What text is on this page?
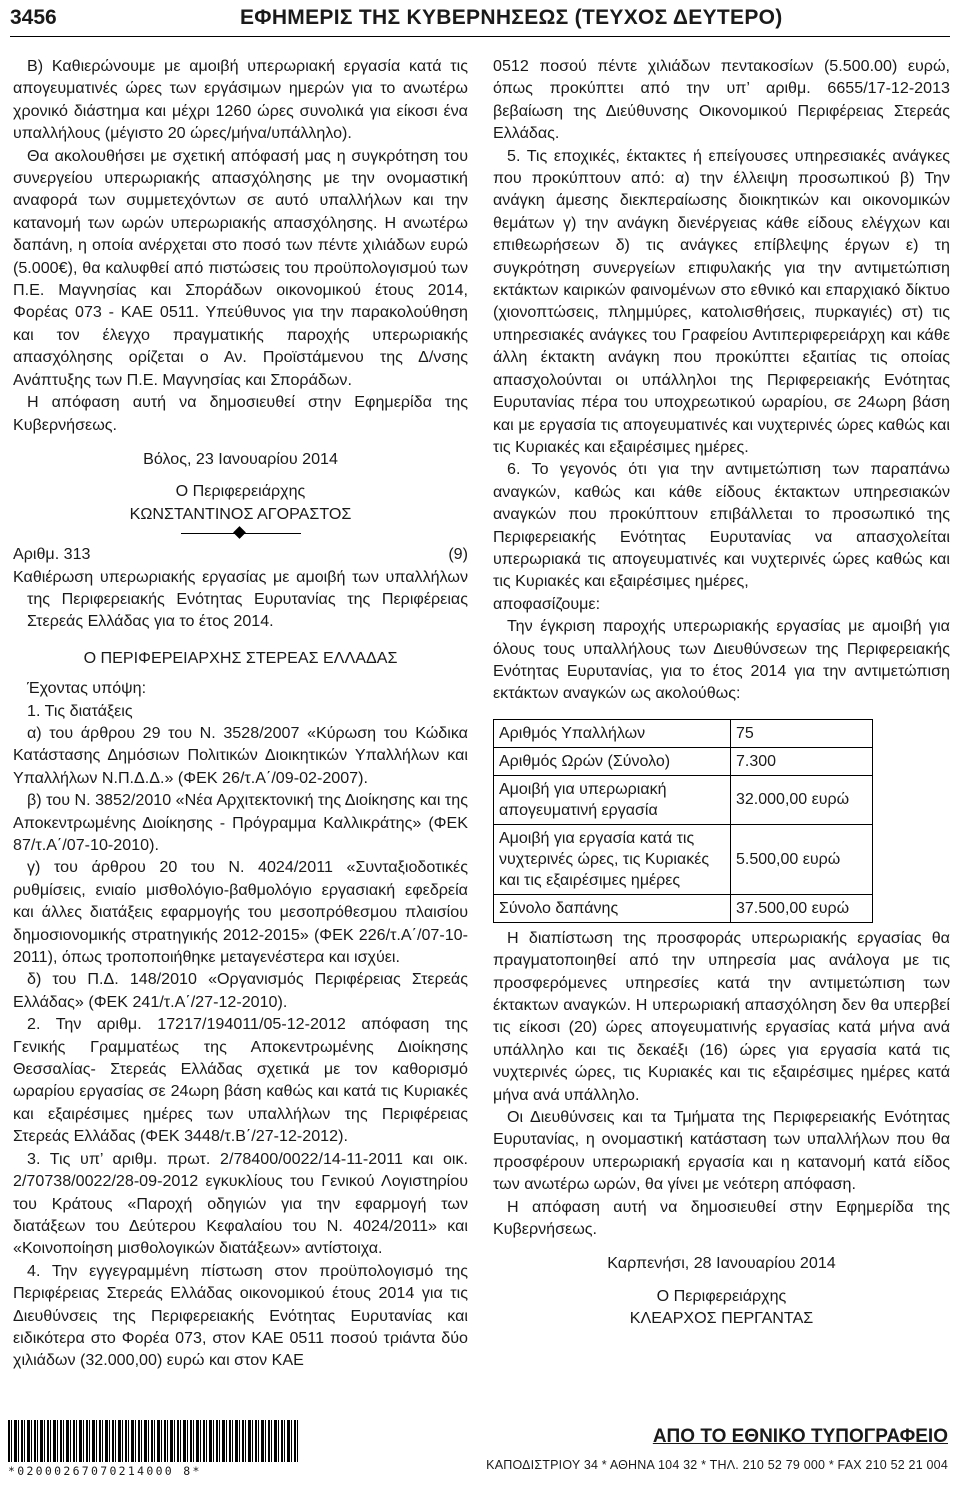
3456	ΕΦΗΜΕΡΙΣ ΤΗΣ ΚΥΒΕΡΝΗΣΕΩΣ (ΤΕΥΧΟΣ ΔΕΥΤΕΡΟ)

Β) Καθιερώνουμε με αμοιβή υπερωριακή εργασία κατά τις απογευματινές ώρες των εργάσιμων ημερών για το ανωτέρω χρονικό διάστημα και μέχρι 1260 ώρες συνολικά για είκοσι ένα υπαλλήλους (μέγιστο 20 ώρες/μήνα/υπάλληλο).

Θα ακολουθήσει με σχετική απόφασή μας η συγκρότηση του συνεργείου υπερωριακής απασχόλησης με την ονομαστική αναφορά των συμμετεχόντων σε αυτό υπαλλήλων και την κατανομή των ωρών υπερωριακής απασχόλησης. Η ανωτέρω δαπάνη, η οποία ανέρχεται στο ποσό των πέντε χιλιάδων ευρώ (5.000€), θα καλυφθεί από πιστώσεις του προϋπολογισμού των Π.Ε. Μαγνησίας και Σποράδων οικονομικού έτους 2014, Φορέας 073 - ΚΑΕ 0511. Υπεύθυνος για την παρακολούθηση και τον έλεγχο πραγματικής παροχής υπερωριακής απασχόλησης ορίζεται ο Αν. Προϊστάμενου της Δ/νσης Ανάπτυξης των Π.Ε. Μαγνησίας και Σποράδων.

Η απόφαση αυτή να δημοσιευθεί στην Εφημερίδα της Κυβερνήσεως.

Βόλος, 23 Ιανουαρίου 2014

Ο Περιφερειάρχης

ΚΩΝΣΤΑΝΤΙΝΟΣ ΑΓΟΡΑΣΤΟΣ

Αριθμ. 313	(9)

Καθιέρωση υπερωριακής εργασίας με αμοιβή των υπαλλήλων της Περιφερειακής Ενότητας Ευρυτανίας της Περιφέρειας Στερεάς Ελλάδας για το έτος 2014.

Ο ΠΕΡΙΦΕΡΕΙΑΡΧΗΣ ΣΤΕΡΕΑΣ ΕΛΛΑΔΑΣ

Έχοντας υπόψη:

1. Τις διατάξεις

α) του άρθρου 29 του Ν. 3528/2007 «Κύρωση του Κώδικα Κατάστασης Δημόσιων Πολιτικών Διοικητικών Υπαλλήλων και Υπαλλήλων Ν.Π.Δ.Δ.» (ΦΕΚ 26/τ.Α΄/09-02-2007).

β) του Ν. 3852/2010 «Νέα Αρχιτεκτονική της Διοίκησης και της Αποκεντρωμένης Διοίκησης - Πρόγραμμα Καλλικράτης» (ΦΕΚ 87/τ.Α΄/07-10-2010).

γ) του άρθρου 20 του Ν. 4024/2011 «Συνταξιοδοτικές ρυθμίσεις, ενιαίο μισθολόγιο-βαθμολόγιο εργασιακή εφεδρεία και άλλες διατάξεις εφαρμογής του μεσοπρόθεσμου πλαισίου δημοσιονομικής στρατηγικής 2012-2015» (ΦΕΚ 226/τ.Α΄/07-10-2011), όπως τροποποιήθηκε μεταγενέστερα και ισχύει.

δ) του Π.Δ. 148/2010 «Οργανισμός Περιφέρειας Στερεάς Ελλάδας» (ΦΕΚ 241/τ.Α΄/27-12-2010).

2. Την αριθμ. 17217/194011/05-12-2012 απόφαση της Γενικής Γραμματέως της Αποκεντρωμένης Διοίκησης Θεσσαλίας- Στερεάς Ελλάδας σχετικά με τον καθορισμό ωραρίου εργασίας σε 24ωρη βάση καθώς και κατά τις Κυριακές και εξαιρέσιμες ημέρες των υπαλλήλων της Περιφέρειας Στερεάς Ελλάδας (ΦΕΚ 3448/τ.Β΄/27-12-2012).

3. Τις υπ’ αριθμ. πρωτ. 2/78400/0022/14-11-2011 και οικ. 2/70738/0022/28-09-2012 εγκυκλίους του Γενικού Λογιστηρίου του Κράτους «Παροχή οδηγιών για την εφαρμογή των διατάξεων του Δεύτερου Κεφαλαίου του Ν. 4024/2011» και «Κοινοποίηση μισθολογικών διατάξεων» αντίστοιχα.

4. Την εγγεγραμμένη πίστωση στον προϋπολογισμό της Περιφέρειας Στερεάς Ελλάδας οικονομικού έτους 2014 για τις Διευθύνσεις της Περιφερειακής Ενότητας Ευρυτανίας και ειδικότερα στο Φορέα 073, στον ΚΑΕ 0511 ποσού τριάντα δύο χιλιάδων (32.000,00) ευρώ και στον ΚΑΕ

0512 ποσού πέντε χιλιάδων πεντακοσίων (5.500.00) ευρώ, όπως προκύπτει από την υπ’ αριθμ. 6655/17-12-2013 βεβαίωση της Διεύθυνσης Οικονομικού Περιφέρειας Στερεάς Ελλάδας.

5. Τις εποχικές, έκτακτες ή επείγουσες υπηρεσιακές ανάγκες που προκύπτουν από: α) την έλλειψη προσωπικού β) Την ανάγκη άμεσης διεκπεραίωσης διοικητικών και οικονομικών θεμάτων γ) την ανάγκη διενέργειας κάθε είδους ελέγχων και επιθεωρήσεων δ) τις ανάγκες επίβλεψης έργων ε) τη συγκρότηση συνεργείων επιφυλακής για την αντιμετώπιση εκτάκτων καιρικών φαινομένων στο εθνικό και επαρχιακό δίκτυο (χιονοπτώσεις, πλημμύρες, κατολισθήσεις, πυρκαγιές) στ) τις υπηρεσιακές ανάγκες του Γραφείου Αντιπεριφερειάρχη και κάθε άλλη έκτακτη ανάγκη που προκύπτει εξαιτίας τις οποίας απασχολούνται οι υπάλληλοι της Περιφερειακής Ενότητας Ευρυτανίας πέρα του υποχρεωτικού ωραρίου, σε 24ωρη βάση και με εργασία τις απογευματινές και νυχτερινές ώρες καθώς και τις Κυριακές και εξαιρέσιμες ημέρες.

6. Το γεγονός ότι για την αντιμετώπιση των παραπάνω αναγκών, καθώς και κάθε είδους έκτακτων υπηρεσιακών αναγκών που προκύπτουν επιβάλλεται το προσωπικό της Περιφερειακής Ενότητας Ευρυτανίας να απασχολείται υπερωριακά τις απογευματινές και νυχτερινές ώρες καθώς και τις Κυριακές και εξαιρέσιμες ημέρες,

αποφασίζουμε:

Την έγκριση παροχής υπερωριακής εργασίας με αμοιβή για όλους τους υπαλλήλους των Διευθύνσεων της Περιφερειακής Ενότητας Ευρυτανίας, για το έτος 2014 για την αντιμετώπιση εκτάκτων αναγκών ως ακολούθως:

Αριθμός Υπαλλήλων	75
Αριθμός Ωρών (Σύνολο)	7.300
Αμοιβή για υπερωριακή απογευματινή εργασία	32.000,00 ευρώ
Αμοιβή για εργασία κατά τις νυχτερινές ώρες, τις Κυριακές και τις εξαιρέσιμες ημέρες	5.500,00 ευρώ
Σύνολο δαπάνης	37.500,00 ευρώ

Η διαπίστωση της προσφοράς υπερωριακής εργασίας θα πραγματοποιηθεί από την υπηρεσία μας ανάλογα με τις προσφερόμενες υπηρεσίες κατά την αντιμετώπιση των έκτακτων αναγκών. Η υπερωριακή απασχόληση δεν θα υπερβεί τις είκοσι (20) ώρες απογευματινής εργασίας κατά μήνα ανά υπάλληλο και τις δεκαέξι (16) ώρες για εργασία κατά τις νυχτερινές ώρες, τις Κυριακές και τις εξαιρέσιμες ημέρες κατά μήνα ανά υπάλληλο.

Οι Διευθύνσεις και τα Τμήματα της Περιφερειακής Ενότητας Ευρυτανίας, η ονομαστική κατάσταση των υπαλλήλων που θα προσφέρουν υπερωριακή εργασία και η κατανομή κατά είδος των ανωτέρω ωρών, θα γίνει με νεότερη απόφαση.

Η απόφαση αυτή να δημοσιευθεί στην Εφημερίδα της Κυβερνήσεως.

Καρπενήσι, 28 Ιανουαρίου 2014

Ο Περιφερειάρχης

ΚΛΕΑΡΧΟΣ ΠΕΡΓΑΝΤΑΣ

*02000267070214000 8*
ΑΠΟ ΤΟ ΕΘΝΙΚΟ ΤΥΠΟΓΡΑΦΕΙΟ
ΚΑΠΟΔΙΣΤΡΙΟΥ 34 * ΑΘΗΝΑ 104 32 * ΤΗΛ. 210 52 79 000 * FAX 210 52 21 004
